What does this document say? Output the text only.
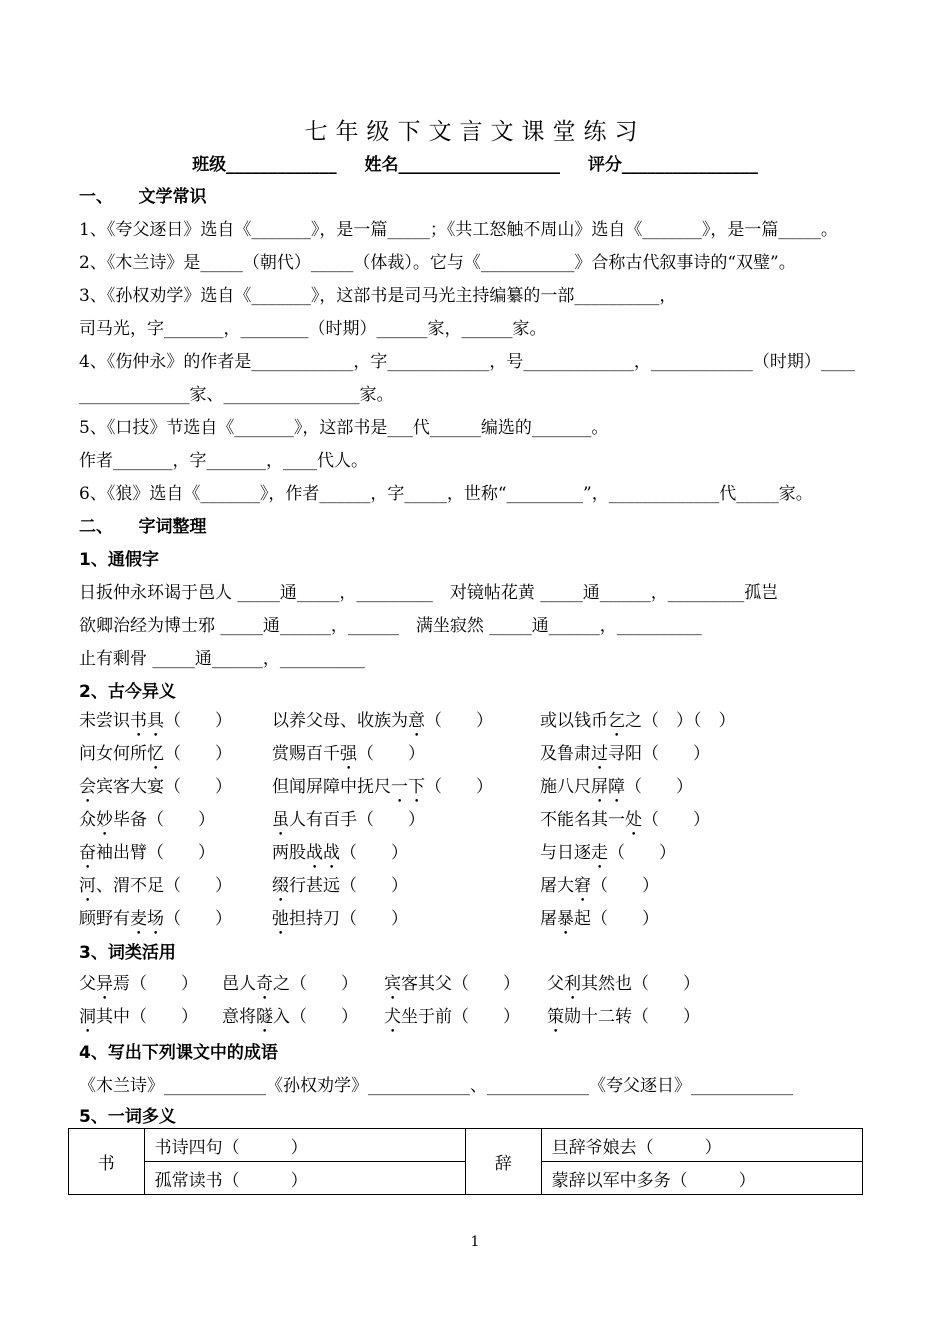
七年级下文言文课堂练习
班级_____________ 姓名___________________ 评分________________
一、　　文学常识
1、《夸父逐日》选自《_______》，是一篇_____；《共工怒触不周山》选自《_______》，是一篇_____。
2、《木兰诗》是_____（朝代）_____（体裁）。它与《___________》合称古代叙事诗的“双璧”。
3、《孙权劝学》选自《_______》，这部书是司马光主持编纂的一部__________，
司马光，字_______，________（时期）______家，______家。
4、《伤仲永》的作者是____________，字____________，号_____________，____________（时期）____
_____________家、________________家。
5、《口技》节选自《_______》，这部书是___代______编选的_______。
作者_______，字_______，____代人。
6、《狼》选自《_______》，作者______，字_____，世称“_________”，_____________代_____家。
二、　　字词整理
1、通假字
日扳仲永环谒于邑人 _____通_____，_________　对镜帖花黄 _____通______，_________孤岂
欲卿治经为博士邪 _____通______，______　满坐寂然 _____通______，__________
止有剩骨 _____通______，__________
2、古今异义
未尝识书具（　　） 以养父母、收族为意（　　）	或以钱币乞之（　）（　）
问女何所忆（　　） 赏赐百千强（　　）	及鲁肃过寻阳（　　）
会宾客大宴（　　） 但闻屏障中抚尺一下（　　）	施八尺屏障（　　）
众妙毕备（　　）	虽人有百手（　　）	不能名其一处（　　）
奋袖出臂（　　）	两股战战（　　）	与日逐走（　　）
河、渭不足（　　） 缀行甚远（　　）	屠大窘（　　）
顾野有麦场（　　） 弛担持刀（　　）	屠暴起（　　）
3、词类活用
父异焉（　　） 邑人奇之（　　） 宾客其父（　　） 父利其然也（　　）
洞其中（　　） 意将隧入（　　） 犬坐于前（　　） 策勋十二转（　　）
4、写出下列课文中的成语
《木兰诗》____________《孙权劝学》____________、____________《夸父逐日》____________
5、一词多义
书	书诗四句（　　　）	辞	旦辞爷娘去（　　　）
	孤常读书（　　　）		蒙辞以军中多务（　　　）
1
